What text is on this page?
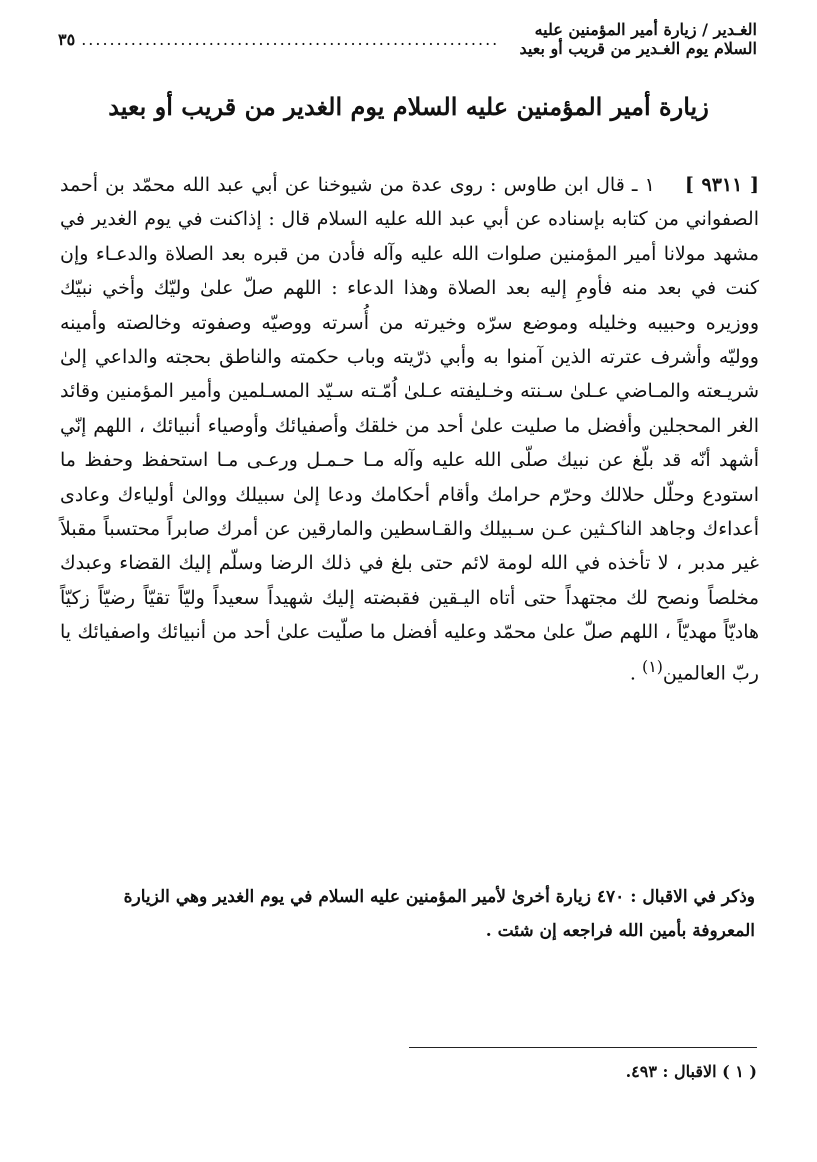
الغـدير / زيارة أمير المؤمنين عليه السلام يوم الغـدير من قريب أو بعيد
...........................................................
٣٥
زيارة أمير المؤمنين عليه السلام يوم الغدير من قريب أو بعيد
[ ٩٣١١ ]١ ـ قال ابن طاوس : روى عدة من شيوخنا عن أبي عبد الله محمّد بن أحمد الصفواني من كتابه بإسناده عن أبي عبد الله عليه السلام قال : إذاكنت في يوم الغدير في مشهد مولانا أمير المؤمنين صلوات الله عليه وآله فأدن من قبره بعد الصلاة والدعـاء وإن كنت في بعد منه فأومِ إليه بعد الصلاة وهذا الدعاء : اللهم صلّ علىٰ وليّك وأخي نبيّك ووزيره وحبيبه وخليله وموضع سرّه وخيرته من أُسرته ووصيّه وصفوته وخالصته وأمينه ووليّه وأشرف عترته الذين آمنوا به وأبي ذرّيته وباب حكمته والناطق بحجته والداعي إلىٰ شريـعته والمـاضي عـلىٰ سـنته وخـليفته عـلىٰ اُمّـته سـيّد المسـلمين وأمير المؤمنين وقائد الغر المحجلين وأفضل ما صليت علىٰ أحد من خلقك وأصفيائك وأوصياء أنبيائك ، اللهم إنّي أشهد أنّه قد بلّغ عن نبيك صلّى الله عليه وآله مـا حـمـل ورعـى مـا استحفظ وحفظ ما استودع وحلّل حلالك وحرّم حرامك وأقام أحكامك ودعا إلىٰ سبيلك ووالىٰ أولياءك وعادى أعداءك وجاهد الناكـثين عـن سـبيلك والقـاسطين والمارقين عن أمرك صابراً محتسباً مقبلاً غير مدبر ، لا تأخذه في الله لومة لائم حتى بلغ في ذلك الرضا وسلّم إليك القضاء وعبدك مخلصاً ونصح لك مجتهداً حتى أتاه اليـقين فقبضته إليك شهيداً سعيداً وليّاً تقيّاً رضيّاً زكيّاً هاديّاً مهديّاً ، اللهم صلّ علىٰ محمّد وعليه أفضل ما صلّيت علىٰ أحد من أنبيائك واصفيائك يا ربّ العالمين$^{(١)}$ .
وذكر في الاقبال : ٤٧٠ زيارة أخرىٰ لأمير المؤمنين عليه السلام في يوم الغدير وهي الزيارة
المعروفة بأمين الله فراجعه إن شئت .
( ١ ) الاقبال : ٤٩٣.
